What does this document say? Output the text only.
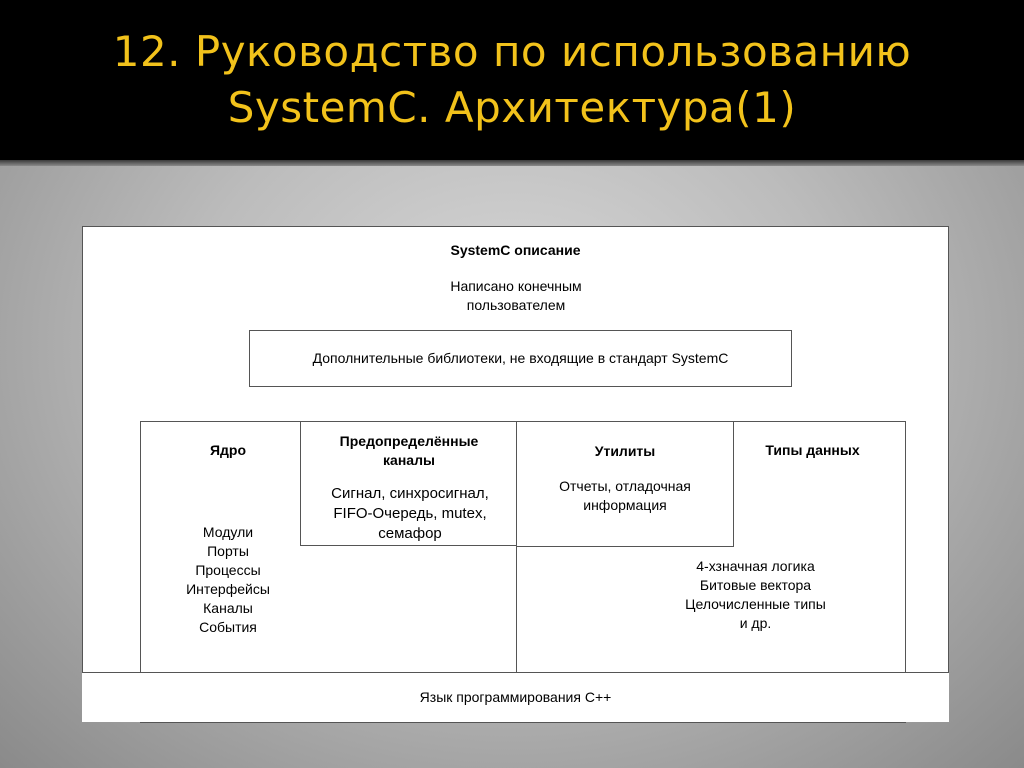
12. Руководство по использованию
SystemC. Архитектура(1)
SystemC описание
Написано конечным пользователем
Дополнительные библиотеки, не входящие в стандарт SystemC
Ядро
Модули
Порты
Процессы
Интерфейсы
Каналы
События
Предопределённые каналы
Сигнал, синхросигнал, FIFO-Очередь, mutex, семафор
Утилиты
Отчеты, отладочная информация
Типы данных
4-хзначная логика
Битовые вектора
Целочисленные типы
и др.
Язык программирования C++
